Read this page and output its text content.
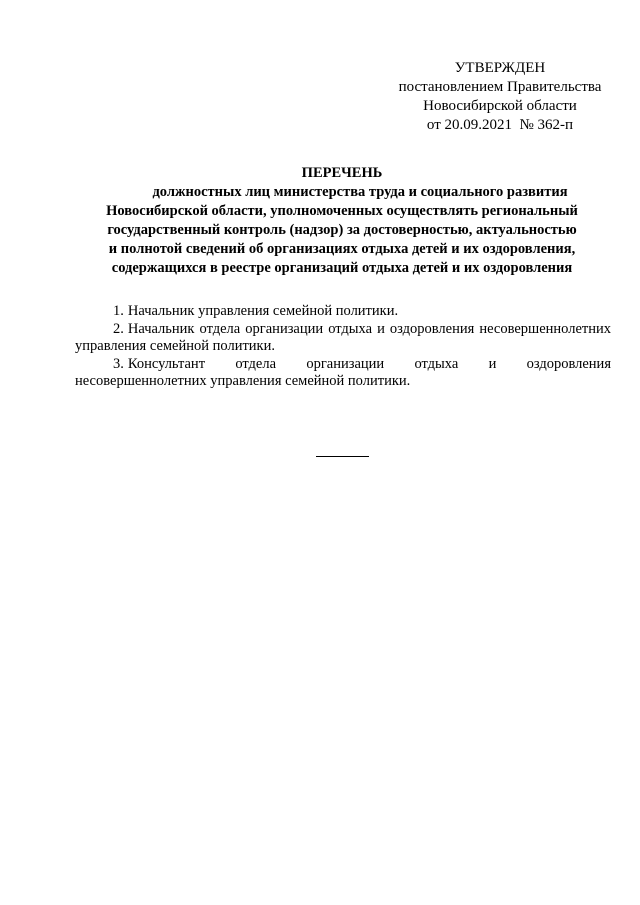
УТВЕРЖДЕН
постановлением Правительства
Новосибирской области
от 20.09.2021  № 362-п
ПЕРЕЧЕНЬ
должностных лиц министерства труда и социального развития
Новосибирской области, уполномоченных осуществлять региональный
государственный контроль (надзор) за достоверностью, актуальностью
и полнотой сведений об организациях отдыха детей и их оздоровления,
содержащихся в реестре организаций отдыха детей и их оздоровления

1. Начальник управления семейной политики.

2. Начальник отдела организации отдыха и оздоровления несовершеннолетних управления семейной политики.

3. Консультант отдела организации отдыха и оздоровления несовершеннолетних управления семейной политики.
